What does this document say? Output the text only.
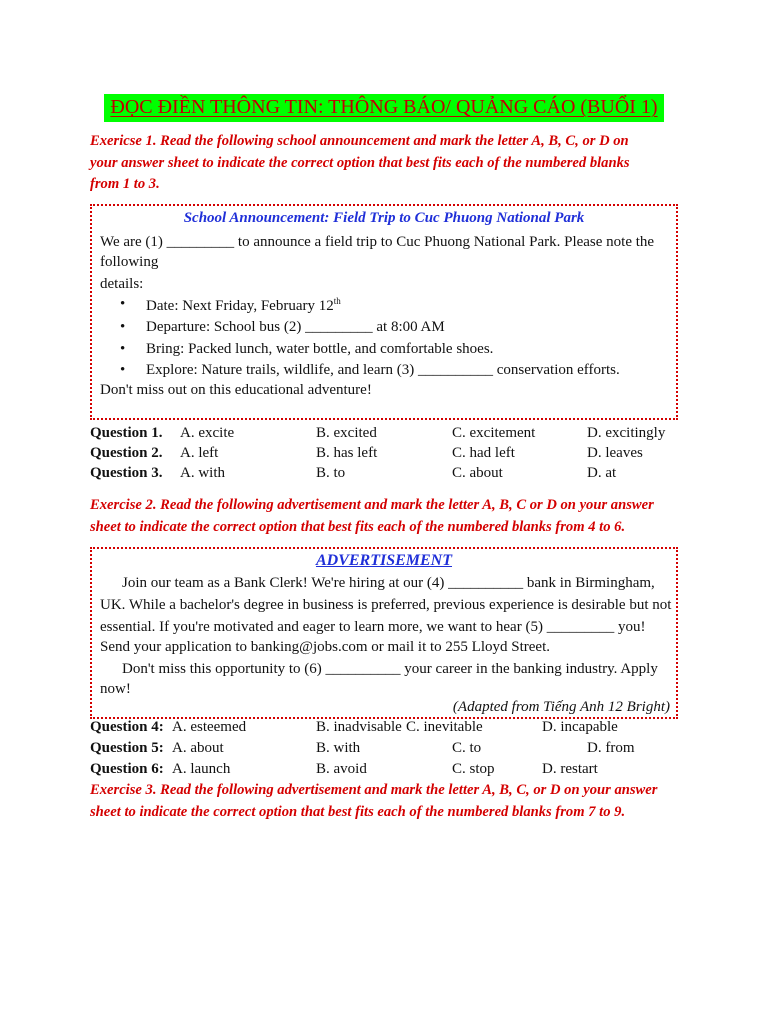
ĐỌC ĐIỀN THÔNG TIN: THÔNG BÁO/ QUẢNG CÁO (BUỔI 1)
Exericse 1. Read the following school announcement and mark the letter A, B, C, or D on
your answer sheet to indicate the correct option that best fits each of the numbered blanks
from 1 to 3.
School Announcement: Field Trip to Cuc Phuong National Park
We are (1) _________ to announce a field trip to Cuc Phuong National Park. Please note the
following
details:
• Date: Next Friday, February 12th
• Departure: School bus (2) _________ at 8:00 AM
• Bring: Packed lunch, water bottle, and comfortable shoes.
• Explore: Nature trails, wildlife, and learn (3) __________ conservation efforts.
Don't miss out on this educational adventure!
Question 1. A. excite	B. excited	C. excitement	D. excitingly
Question 2. A. left	B. has left	C. had left	D. leaves
Question 3. A. with	B. to	C. about	D. at
Exercise 2. Read the following advertisement and mark the letter A, B, C or D on your answer
sheet to indicate the correct option that best fits each of the numbered blanks from 4 to 6.
ADVERTISEMENT
Join our team as a Bank Clerk! We're hiring at our (4) __________ bank in Birmingham,
UK. While a bachelor's degree in business is preferred, previous experience is desirable but not
essential. If you're motivated and eager to learn more, we want to hear (5) _________ you!
Send your application to banking@jobs.com or mail it to 255 Lloyd Street.
Don't miss this opportunity to (6) __________ your career in the banking industry. Apply
now!
(Adapted from Tiếng Anh 12 Bright)
Question 4: A. esteemed	B. inadvisable C. inevitable	D. incapable
Question 5: A. about	B. with	C. to	D. from
Question 6: A. launch	B. avoid	C. stop	D. restart
Exercise 3. Read the following advertisement and mark the letter A, B, C, or D on your answer
sheet to indicate the correct option that best fits each of the numbered blanks from 7 to 9.
